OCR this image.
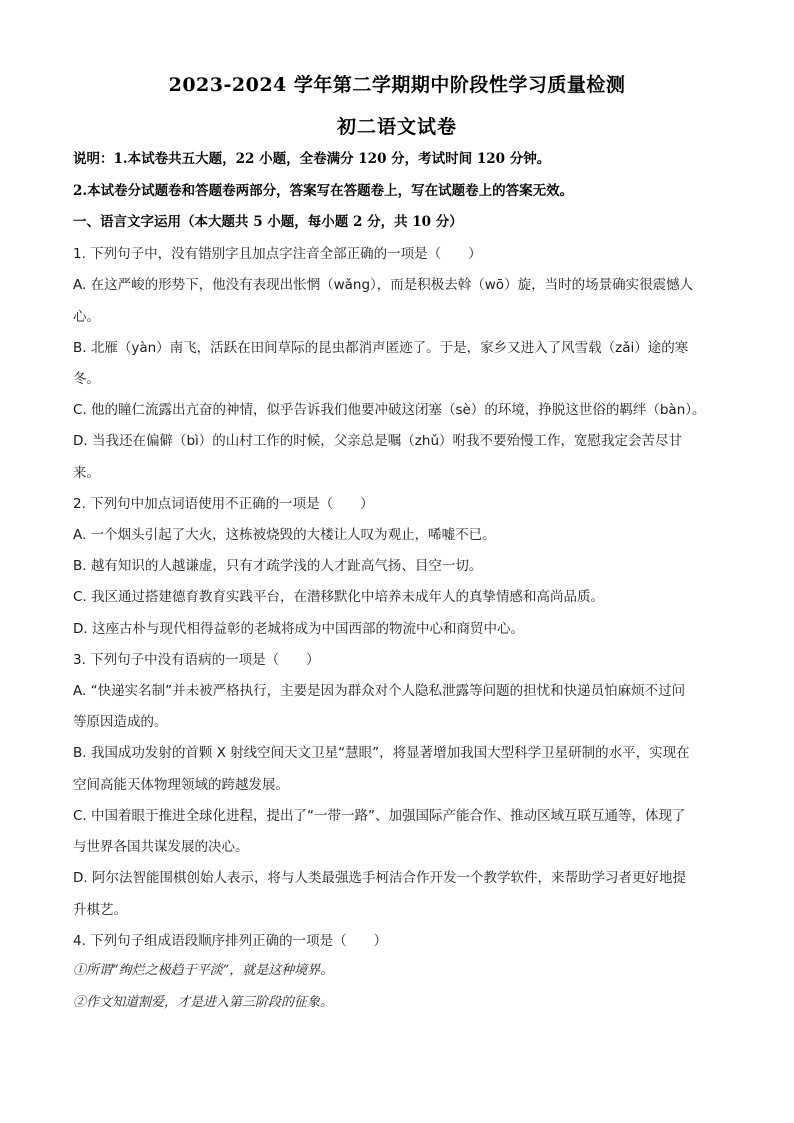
2023-2024 学年第二学期期中阶段性学习质量检测
初二语文试卷
说明：1.本试卷共五大题，22 小题，全卷满分 120 分，考试时间 120 分钟。
2.本试卷分试题卷和答题卷两部分，答案写在答题卷上，写在试题卷上的答案无效。
一、语言文字运用（本大题共 5 小题，每小题 2 分，共 10 分）
1. 下列句子中，没有错别字且加点字注音全部正确的一项是（　　）
A. 在这严峻的形势下，他没有表现出怅惘（wǎng），而是积极去斡（wō）旋，当时的场景确实很震憾人
心。
B. 北雁（yàn）南飞，活跃在田间草际的昆虫都消声匿迹了。于是，家乡又进入了风雪载（zǎi）途的寒
冬。
C. 他的瞳仁流露出亢奋的神情，似乎告诉我们他要冲破这闭塞（sè）的环境，挣脱这世俗的羁绊（bàn）。
D. 当我还在偏僻（bì）的山村工作的时候，父亲总是嘱（zhǔ）咐我不要殆慢工作，宽慰我定会苦尽甘
来。
2. 下列句中加点词语使用不正确的一项是（　　）
A. 一个烟头引起了大火，这栋被烧毁的大楼让人叹为观止，唏嘘不已。
B. 越有知识的人越谦虚，只有才疏学浅的人才趾高气扬、目空一切。
C. 我区通过搭建德育教育实践平台，在潜移默化中培养未成年人的真挚情感和高尚品质。
D. 这座古朴与现代相得益彰的老城将成为中国西部的物流中心和商贸中心。
3. 下列句子中没有语病的一项是（　　）
A. “快递实名制”并未被严格执行，主要是因为群众对个人隐私泄露等问题的担忧和快递员怕麻烦不过问
等原因造成的。
B. 我国成功发射的首颗 X 射线空间天文卫星“慧眼”，将显著增加我国大型科学卫星研制的水平，实现在
空间高能天体物理领域的跨越发展。
C. 中国着眼于推进全球化进程，提出了“一带一路”、加强国际产能合作、推动区域互联互通等，体现了
与世界各国共谋发展的决心。
D. 阿尔法智能围棋创始人表示，将与人类最强选手柯洁合作开发一个教学软件，来帮助学习者更好地提
升棋艺。
4. 下列句子组成语段顺序排列正确的一项是（　　）
①所谓“绚烂之极趋于平淡”，就是这种境界。
②作文知道割爱，才是进入第三阶段的征象。
